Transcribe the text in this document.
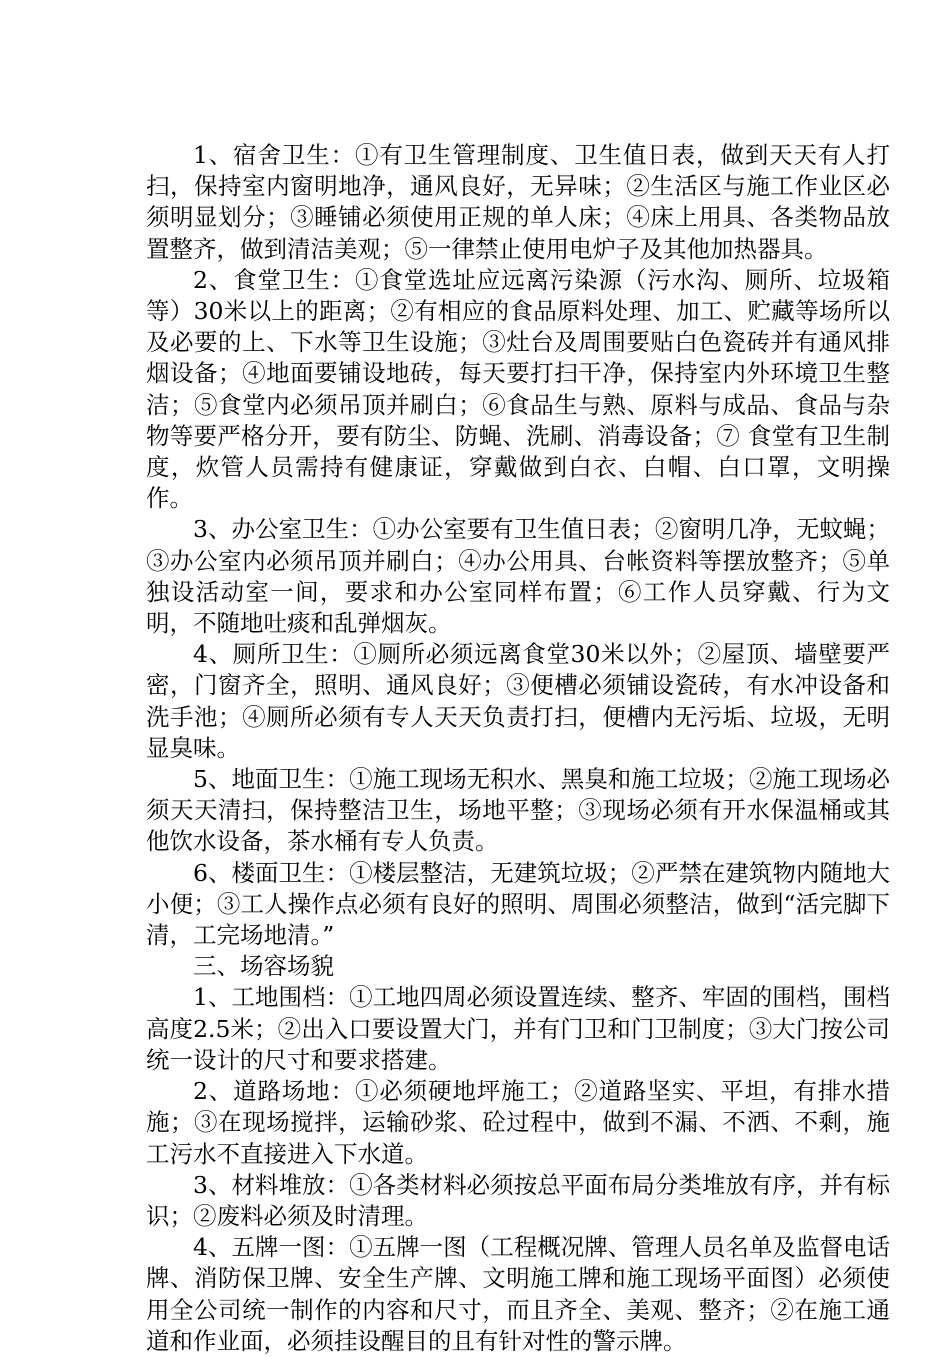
1、宿舍卫生：①有卫生管理制度、卫生值日表，做到天天有人打扫，保持室内窗明地净，通风良好，无异味；②生活区与施工作业区必须明显划分；③睡铺必须使用正规的单人床；④床上用具、各类物品放置整齐，做到清洁美观；⑤一律禁止使用电炉子及其他加热器具。

2、食堂卫生：①食堂选址应远离污染源（污水沟、厕所、垃圾箱等）30米以上的距离；②有相应的食品原料处理、加工、贮藏等场所以及必要的上、下水等卫生设施；③灶台及周围要贴白色瓷砖并有通风排烟设备；④地面要铺设地砖，每天要打扫干净，保持室内外环境卫生整洁；⑤食堂内必须吊顶并刷白；⑥食品生与熟、原料与成品、食品与杂物等要严格分开，要有防尘、防蝇、洗刷、消毒设备；⑦ 食堂有卫生制度，炊管人员需持有健康证，穿戴做到白衣、白帽、白口罩，文明操作。

3、办公室卫生：①办公室要有卫生值日表；②窗明几净，无蚊蝇；③办公室内必须吊顶并刷白；④办公用具、台帐资料等摆放整齐；⑤单独设活动室一间，要求和办公室同样布置；⑥工作人员穿戴、行为文明，不随地吐痰和乱弹烟灰。

4、厕所卫生：①厕所必须远离食堂30米以外；②屋顶、墙壁要严密，门窗齐全，照明、通风良好；③便槽必须铺设瓷砖，有水冲设备和洗手池；④厕所必须有专人天天负责打扫，便槽内无污垢、垃圾，无明显臭味。

5、地面卫生：①施工现场无积水、黑臭和施工垃圾；②施工现场必须天天清扫，保持整洁卫生，场地平整；③现场必须有开水保温桶或其他饮水设备，茶水桶有专人负责。

6、楼面卫生：①楼层整洁，无建筑垃圾；②严禁在建筑物内随地大小便；③工人操作点必须有良好的照明、周围必须整洁，做到“活完脚下清，工完场地清。”

三、场容场貌

1、工地围档：①工地四周必须设置连续、整齐、牢固的围档，围档高度2.5米；②出入口要设置大门，并有门卫和门卫制度；③大门按公司统一设计的尺寸和要求搭建。

2、道路场地：①必须硬地坪施工；②道路坚实、平坦，有排水措施；③在现场搅拌，运输砂浆、砼过程中，做到不漏、不洒、不剩，施工污水不直接进入下水道。

3、材料堆放：①各类材料必须按总平面布局分类堆放有序，并有标识；②废料必须及时清理。

4、五牌一图：①五牌一图（工程概况牌、管理人员名单及监督电话牌、消防保卫牌、安全生产牌、文明施工牌和施工现场平面图）必须使用全公司统一制作的内容和尺寸，而且齐全、美观、整齐；②在施工通道和作业面，必须挂设醒目的且有针对性的警示牌。
